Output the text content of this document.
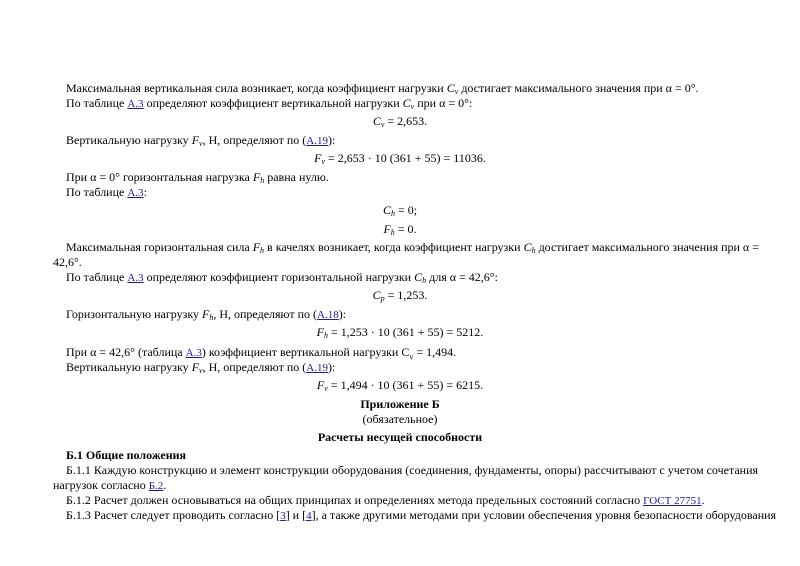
Максимальная вертикальная сила возникает, когда коэффициент нагрузки $C_v$ достигает максимального значения при α = 0°.
По таблице А.3 определяют коэффициент вертикальной нагрузки $C_v$ при α = 0°:
$C_v = 2,653$.
Вертикальную нагрузку $F_v$, Н, определяют по (А.19):
$F_v = 2,653 \cdot 10$ (361 + 55) = 11036.
При α = 0° горизонтальная нагрузка $F_h$ равна нулю.
По таблице А.3:
$C_h = 0$;
$F_h = 0$.
Максимальная горизонтальная сила $F_h$ в качелях возникает, когда коэффициент нагрузки $C_h$ достигает максимального значения при α =
42,6°.
По таблице А.3 определяют коэффициент горизонтальной нагрузки $C_h$ для α = 42,6°:
$C_p = 1,253$.
Горизонтальную нагрузку $F_h$, Н, определяют по (А.18):
$F_h = 1,253 \cdot 10$ (361 + 55) = 5212.
При α = 42,6° (таблица А.3) коэффициент вертикальной нагрузки $C_v = 1,494$.
Вертикальную нагрузку $F_v$, Н, определяют по (А.19):
$F_v = 1,494 \cdot 10$ (361 + 55) = 6215.
Приложение Б
(обязательное)
Расчеты несущей способности
Б.1 Общие положения
Б.1.1 Каждую конструкцию и элемент конструкции оборудования (соединения, фундаменты, опоры) рассчитывают с учетом сочетания
нагрузок согласно Б.2.
Б.1.2 Расчет должен основываться на общих принципах и определениях метода предельных состояний согласно ГОСТ 27751.
Б.1.3 Расчет следует проводить согласно [3] и [4], а также другими методами при условии обеспечения уровня безопасности оборудования
